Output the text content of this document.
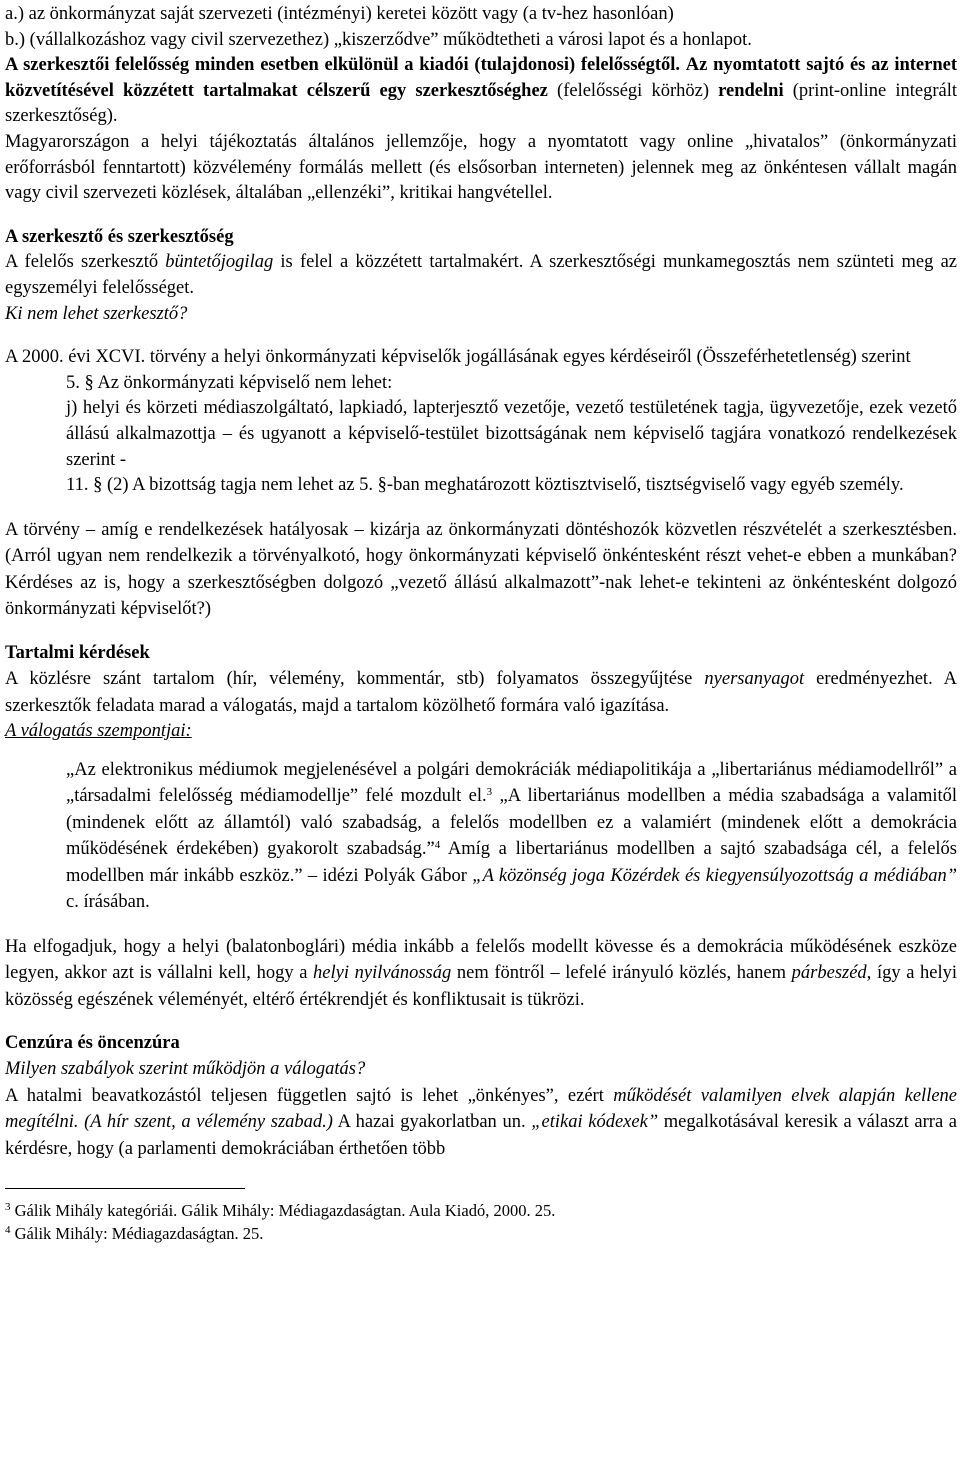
a.) az önkormányzat saját szervezeti (intézményi) keretei között vagy (a tv-hez hasonlóan)

b.) (vállalkozáshoz vagy civil szervezethez) „kiszerződve” működtetheti a városi lapot és a honlapot.

A szerkesztői felelősség minden esetben elkülönül a kiadói (tulajdonosi) felelősségtől. Az nyomtatott sajtó és az internet közvetítésével közzétett tartalmakat célszerű egy szerkesztőséghez (felelősségi körhöz) rendelni (print-online integrált szerkesztőség).

Magyarországon a helyi tájékoztatás általános jellemzője, hogy a nyomtatott vagy online „hivatalos” (önkormányzati erőforrásból fenntartott) közvélemény formálás mellett (és elsősorban interneten) jelennek meg az önkéntesen vállalt magán vagy civil szervezeti közlések, általában „ellenzéki”, kritikai hangvétellel.

A szerkesztő és szerkesztőség

A felelős szerkesztő büntetőjogilag is felel a közzétett tartalmakért. A szerkesztőségi munkamegosztás nem szünteti meg az egyszemélyi felelősséget.

Ki nem lehet szerkesztő?

A 2000. évi XCVI. törvény a helyi önkormányzati képviselők jogállásának egyes kérdéseiről (Összeférhetetlenség) szerint

5. § Az önkormányzati képviselő nem lehet:

j) helyi és körzeti médiaszolgáltató, lapkiadó, lapterjesztő vezetője, vezető testületének tagja, ügyvezetője, ezek vezető állású alkalmazottja – és ugyanott a képviselő-testület bizottságának nem képviselő tagjára vonatkozó rendelkezések szerint -

11. § (2) A bizottság tagja nem lehet az 5. §-ban meghatározott köztisztviselő, tisztségviselő vagy egyéb személy.

A törvény – amíg e rendelkezések hatályosak – kizárja az önkormányzati döntéshozók közvetlen részvételét a szerkesztésben. (Arról ugyan nem rendelkezik a törvényalkotó, hogy önkormányzati képviselő önkéntesként részt vehet-e ebben a munkában? Kérdéses az is, hogy a szerkesztőségben dolgozó „vezető állású alkalmazott”-nak lehet-e tekinteni az önkéntesként dolgozó önkormányzati képviselőt?)

Tartalmi kérdések

A közlésre szánt tartalom (hír, vélemény, kommentár, stb) folyamatos összegyűjtése nyersanyagot eredményezhet. A szerkesztők feladata marad a válogatás, majd a tartalom közölhető formára való igazítása.

A válogatás szempontjai:

„Az elektronikus médiumok megjelenésével a polgári demokráciák médiapolitikája a „libertariánus médiamodellről” a „társadalmi felelősség médiamodellje” felé mozdult el.$^3$ „A libertariánus modellben a média szabadsága a valamitől (mindenek előtt az államtól) való szabadság, a felelős modellben ez a valamiért (mindenek előtt a demokrácia működésének érdekében) gyakorolt szabadság.”$^4$ Amíg a libertariánus modellben a sajtó szabadsága cél, a felelős modellben már inkább eszköz.” – idézi Polyák Gábor „A közönség joga Közérdek és kiegyensúlyozottság a médiában” c. írásában.

Ha elfogadjuk, hogy a helyi (balatonboglári) média inkább a felelős modellt kövesse és a demokrácia működésének eszköze legyen, akkor azt is vállalni kell, hogy a helyi nyilvánosság nem föntről – lefelé irányuló közlés, hanem párbeszéd, így a helyi közösség egészének véleményét, eltérő értékrendjét és konfliktusait is tükrözi.

Cenzúra és öncenzúra

Milyen szabályok szerint működjön a válogatás?

A hatalmi beavatkozástól teljesen független sajtó is lehet „önkényes”, ezért működését valamilyen elvek alapján kellene megítélni. (A hír szent, a vélemény szabad.) A hazai gyakorlatban un. „etikai kódexek” megalkotásával keresik a választ arra a kérdésre, hogy (a parlamenti demokráciában érthetően több

$^3$ Gálik Mihály kategóriái. Gálik Mihály: Médiagazdaságtan. Aula Kiadó, 2000. 25.
$^4$ Gálik Mihály: Médiagazdaságtan. 25.
